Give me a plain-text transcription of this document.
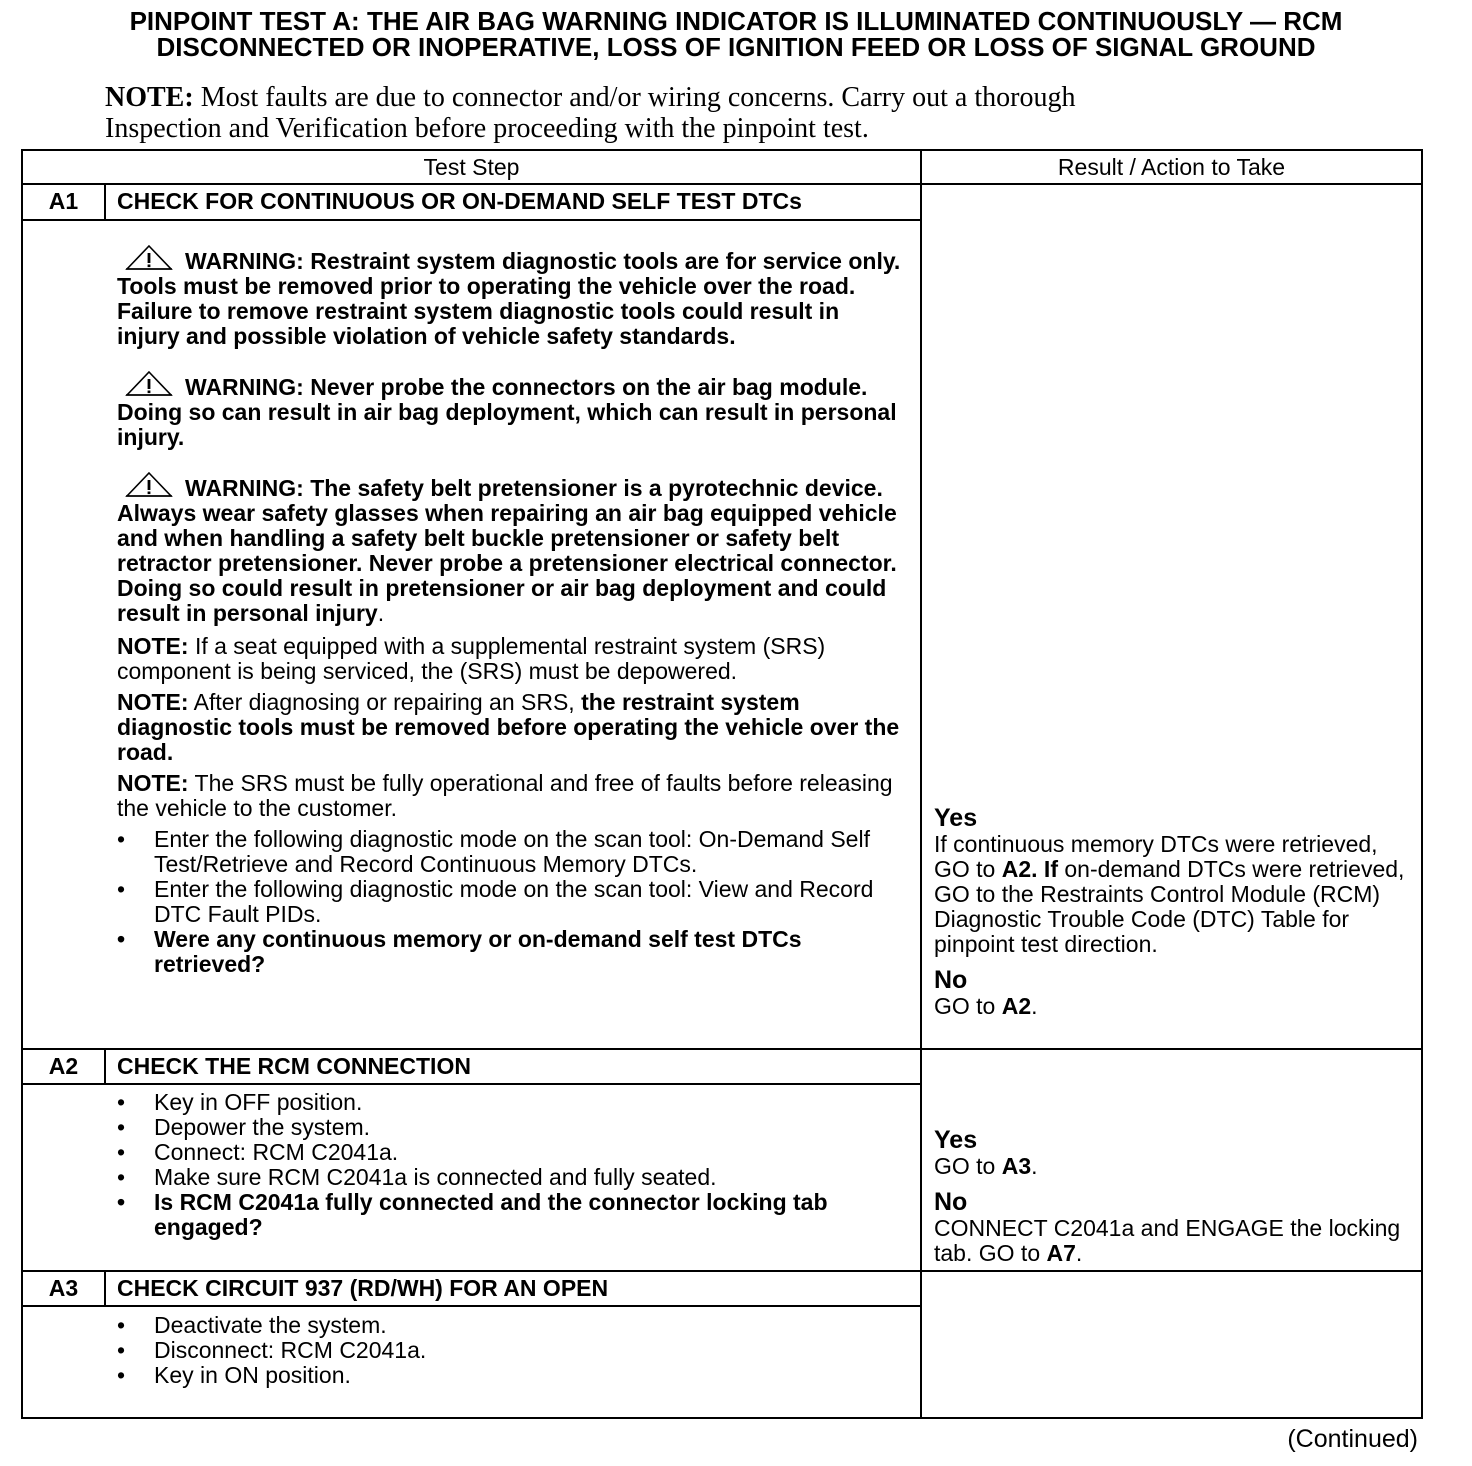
PINPOINT TEST A: THE AIR BAG WARNING INDICATOR IS ILLUMINATED CONTINUOUSLY — RCM
DISCONNECTED OR INOPERATIVE, LOSS OF IGNITION FEED OR LOSS OF SIGNAL GROUND
NOTE: Most faults are due to connector and/or wiring concerns. Carry out a thorough
Inspection and Verification before proceeding with the pinpoint test.
Test Step	Result / Action to Take
A1	CHECK FOR CONTINUOUS OR ON-DEMAND SELF TEST DTCs
WARNING: Restraint system diagnostic tools are for service only. Tools must be removed prior to operating the vehicle over the road. Failure to remove restraint system diagnostic tools could result in injury and possible violation of vehicle safety standards.
WARNING: Never probe the connectors on the air bag module. Doing so can result in air bag deployment, which can result in personal injury.
WARNING: The safety belt pretensioner is a pyrotechnic device. Always wear safety glasses when repairing an air bag equipped vehicle and when handling a safety belt buckle pretensioner or safety belt retractor pretensioner. Never probe a pretensioner electrical connector. Doing so could result in pretensioner or air bag deployment and could result in personal injury.
NOTE: If a seat equipped with a supplemental restraint system (SRS) component is being serviced, the (SRS) must be depowered.
NOTE: After diagnosing or repairing an SRS, the restraint system diagnostic tools must be removed before operating the vehicle over the road.
NOTE: The SRS must be fully operational and free of faults before releasing the vehicle to the customer.
• Enter the following diagnostic mode on the scan tool: On-Demand Self Test/Retrieve and Record Continuous Memory DTCs.
• Enter the following diagnostic mode on the scan tool: View and Record DTC Fault PIDs.
• Were any continuous memory or on-demand self test DTCs retrieved?
Yes
If continuous memory DTCs were retrieved, GO to A2. If on-demand DTCs were retrieved, GO to the Restraints Control Module (RCM) Diagnostic Trouble Code (DTC) Table for pinpoint test direction.
No
GO to A2.
A2	CHECK THE RCM CONNECTION
• Key in OFF position.
• Depower the system.
• Connect: RCM C2041a.
• Make sure RCM C2041a is connected and fully seated.
• Is RCM C2041a fully connected and the connector locking tab engaged?
Yes
GO to A3.
No
CONNECT C2041a and ENGAGE the locking tab. GO to A7.
A3	CHECK CIRCUIT 937 (RD/WH) FOR AN OPEN
• Deactivate the system.
• Disconnect: RCM C2041a.
• Key in ON position.
(Continued)
